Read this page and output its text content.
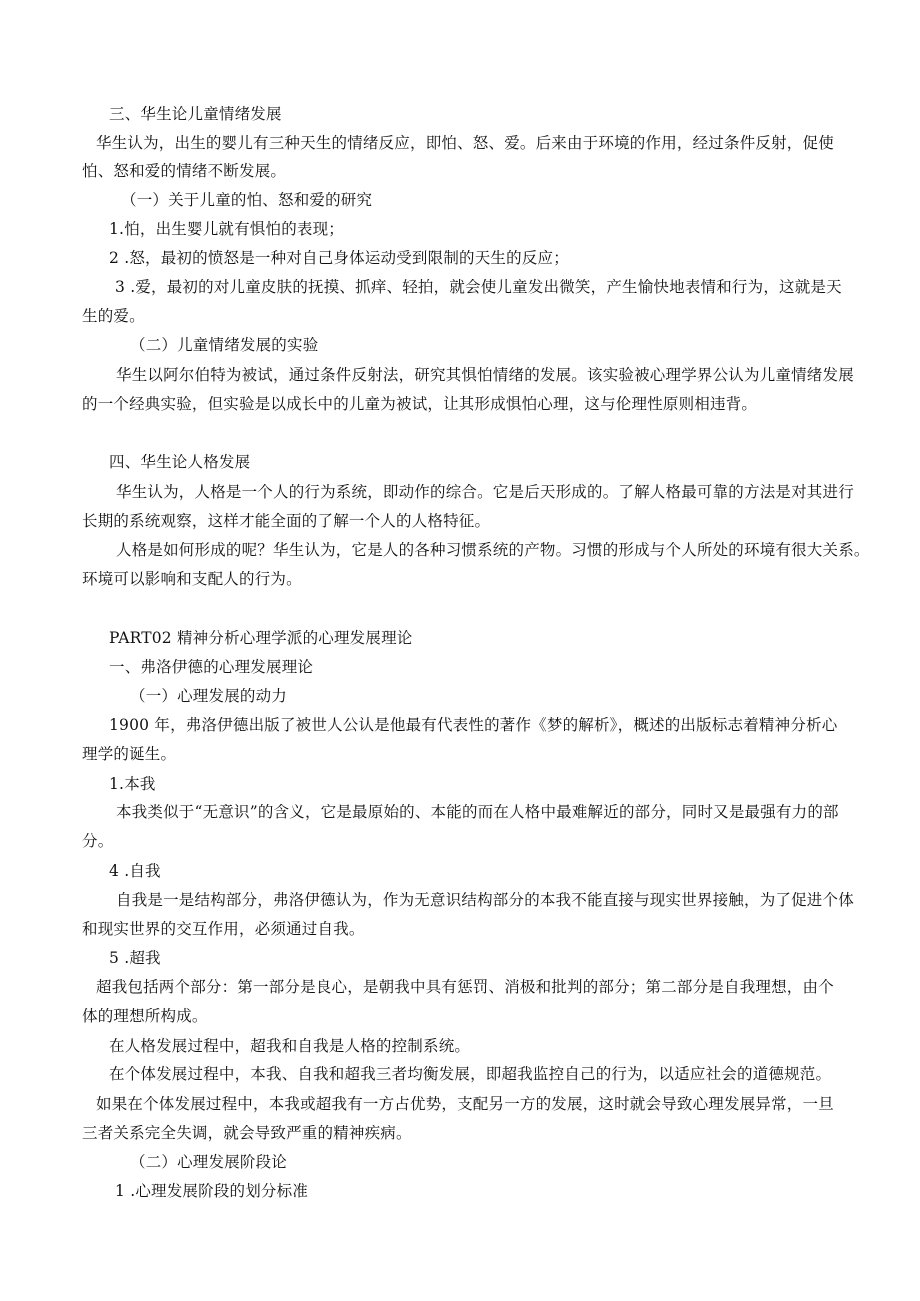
三、华生论儿童情绪发展
华生认为，出生的婴儿有三种天生的情绪反应，即怕、怒、爱。后来由于环境的作用，经过条件反射，促使
怕、怒和爱的情绪不断发展。
（一）关于儿童的怕、怒和爱的研究
1.怕，出生婴儿就有惧怕的表现；
2 .怒，最初的愤怒是一种对自己身体运动受到限制的天生的反应；
3 .爱，最初的对儿童皮肤的抚摸、抓痒、轻拍，就会使儿童发出微笑，产生愉快地表情和行为，这就是天
生的爱。
（二）儿童情绪发展的实验
华生以阿尔伯特为被试，通过条件反射法，研究其惧怕情绪的发展。该实验被心理学界公认为儿童情绪发展
的一个经典实验，但实验是以成长中的儿童为被试，让其形成惧怕心理，这与伦理性原则相违背。
四、华生论人格发展
华生认为，人格是一个人的行为系统，即动作的综合。它是后天形成的。了解人格最可靠的方法是对其进行
长期的系统观察，这样才能全面的了解一个人的人格特征。
人格是如何形成的呢？华生认为，它是人的各种习惯系统的产物。习惯的形成与个人所处的环境有很大关系。
环境可以影响和支配人的行为。
PART02 精神分析心理学派的心理发展理论
一、弗洛伊德的心理发展理论
（一）心理发展的动力
1900 年，弗洛伊德出版了被世人公认是他最有代表性的著作《梦的解析》，概述的出版标志着精神分析心
理学的诞生。
1.本我
本我类似于“无意识”的含义，它是最原始的、本能的而在人格中最难解近的部分，同时又是最强有力的部
分。
4 .自我
自我是一是结构部分，弗洛伊德认为，作为无意识结构部分的本我不能直接与现实世界接触，为了促进个体
和现实世界的交互作用，必须通过自我。
5 .超我
超我包括两个部分：第一部分是良心，是朝我中具有惩罚、消极和批判的部分；第二部分是自我理想，由个
体的理想所构成。
在人格发展过程中，超我和自我是人格的控制系统。
在个体发展过程中，本我、自我和超我三者均衡发展，即超我监控自己的行为，以适应社会的道德规范。
如果在个体发展过程中，本我或超我有一方占优势，支配另一方的发展，这时就会导致心理发展异常，一旦
三者关系完全失调，就会导致严重的精神疾病。
（二）心理发展阶段论
1 .心理发展阶段的划分标准
